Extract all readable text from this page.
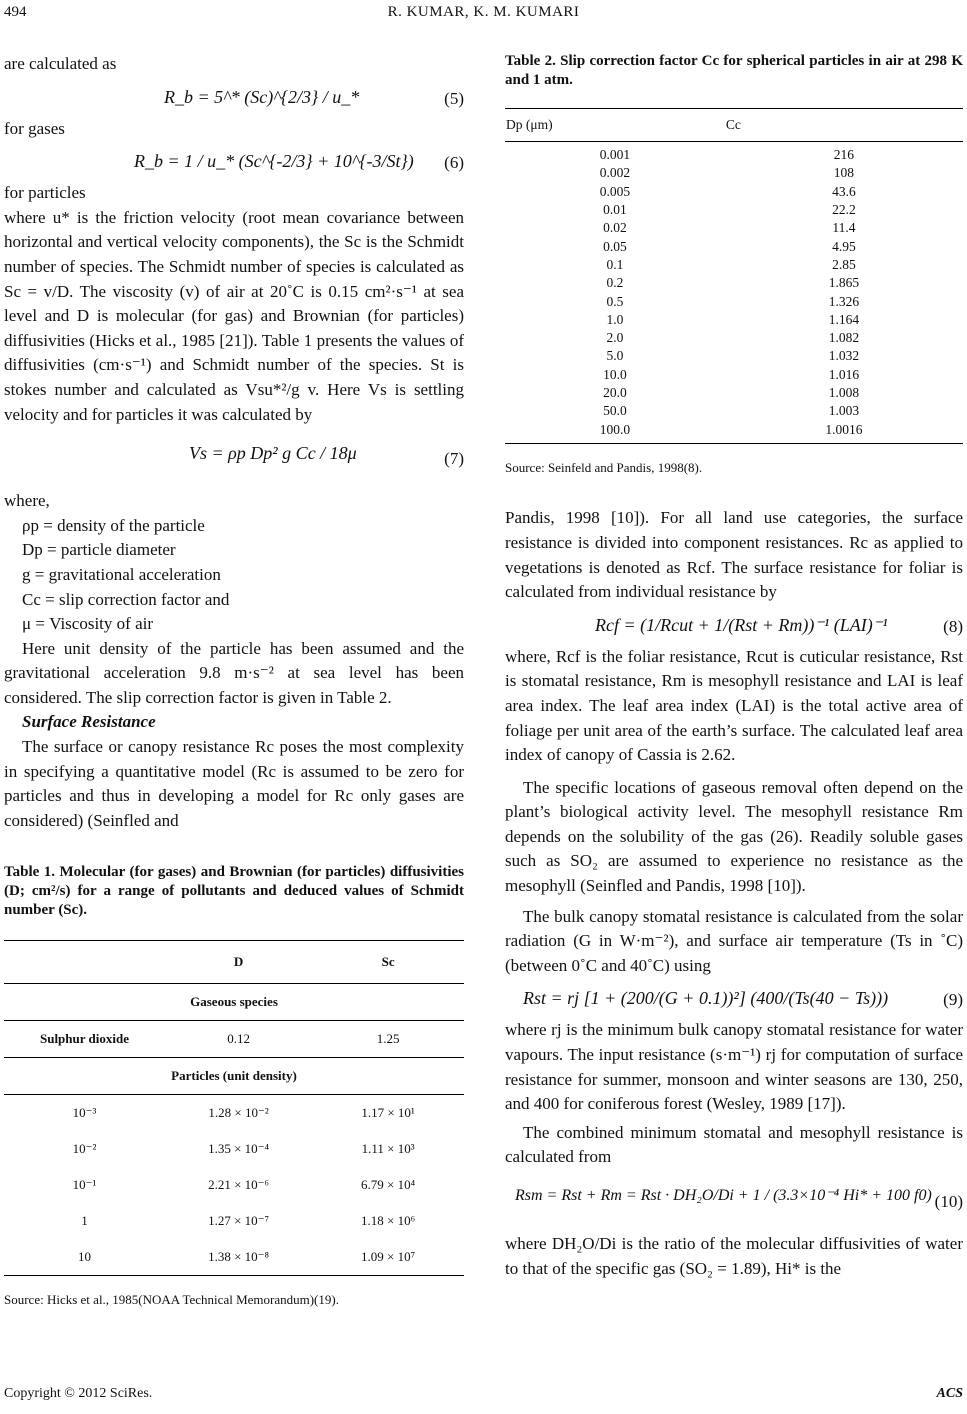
494	R. KUMAR, K. M. KUMARI

are calculated as

R_b = 5^* (Sc)^{2/3} / u_*	(5)

for gases

R_b = 1 / u_* (Sc^{-2/3} + 10^{-3/St}) (6)

for particles

where u* is the friction velocity (root mean covariance between horizontal and vertical velocity components), the Sc is the Schmidt number of species. The Schmidt number of species is calculated as Sc = v/D. The viscosity (v) of air at 20˚C is 0.15 cm²·s⁻¹ at sea level and D is molecular (for gas) and Brownian (for particles) diffusivities (Hicks et al., 1985 [21]). Table 1 presents the values of diffusivities (cm·s⁻¹) and Schmidt number of the species. St is stokes number and calculated as Vsu*²/g v. Here Vs is settling velocity and for particles it was calculated by

Vs = ρp Dp² g Cc / 18μ	(7)

where,

ρp = density of the particle

Dp = particle diameter

g = gravitational acceleration

Cc = slip correction factor and

μ = Viscosity of air

Here unit density of the particle has been assumed and the gravitational acceleration 9.8 m·s⁻² at sea level has been considered. The slip correction factor is given in Table 2.

Surface Resistance

The surface or canopy resistance Rc poses the most complexity in specifying a quantitative model (Rc is assumed to be zero for particles and thus in developing a model for Rc only gases are considered) (Seinfled and

Table 1. Molecular (for gases) and Brownian (for particles) diffusivities (D; cm²/s) for a range of pollutants and deduced values of Schmidt number (Sc).

	D	Sc
Gaseous species		
Sulphur dioxide	0.12	1.25
Particles (unit density)		
10⁻³	1.28 × 10⁻²	1.17 × 10¹
10⁻²	1.35 × 10⁻⁴	1.11 × 10³
10⁻¹	2.21 × 10⁻⁶	6.79 × 10⁴
1	1.27 × 10⁻⁷	1.18 × 10⁶
10	1.38 × 10⁻⁸	1.09 × 10⁷

Source: Hicks et al., 1985(NOAA Technical Memorandum)(19).

Table 2. Slip correction factor Cc for spherical particles in air at 298 K and 1 atm.

Dp (μm)	Cc
0.001	216
0.002	108
0.005	43.6
0.01	22.2
0.02	11.4
0.05	4.95
0.1	2.85
0.2	1.865
0.5	1.326
1.0	1.164
2.0	1.082
5.0	1.032
10.0	1.016
20.0	1.008
50.0	1.003
100.0	1.0016

Source: Seinfeld and Pandis, 1998(8).

Pandis, 1998 [10]). For all land use categories, the surface resistance is divided into component resistances. Rc as applied to vegetations is denoted as Rcf. The surface resistance for foliar is calculated from individual resistance by

Rcf = (1/Rcut + 1/(Rst + Rm))⁻¹ (LAI)⁻¹	(8)

where, Rcf is the foliar resistance, Rcut is cuticular resistance, Rst is stomatal resistance, Rm is mesophyll resistance and LAI is leaf area index. The leaf area index (LAI) is the total active area of foliage per unit area of the earth’s surface. The calculated leaf area index of canopy of Cassia is 2.62.

The specific locations of gaseous removal often depend on the plant’s biological activity level. The mesophyll resistance Rm depends on the solubility of the gas (26). Readily soluble gases such as SO₂ are assumed to experience no resistance as the mesophyll (Seinfled and Pandis, 1998 [10]).

The bulk canopy stomatal resistance is calculated from the solar radiation (G in W·m⁻²), and surface air temperature (Ts in ˚C) (between 0˚C and 40˚C) using

Rst = rj [1 + (200/(G + 0.1))²] (400/(Ts(40 − Ts)))	(9)

where rj is the minimum bulk canopy stomatal resistance for water vapours. The input resistance (s·m⁻¹) rj for computation of surface resistance for summer, monsoon and winter seasons are 130, 250, and 400 for coniferous forest (Wesley, 1989 [17]).

The combined minimum stomatal and mesophyll resistance is calculated from

Rsm = Rst + Rm = Rst · DH₂O/Di + 1 / (3.3×10⁻⁴ Hi* + 100 f0) (10)

where DH₂O/Di is the ratio of the molecular diffusivities of water to that of the specific gas (SO₂ = 1.89), Hi* is the

Copyright © 2012 SciRes.	ACS
